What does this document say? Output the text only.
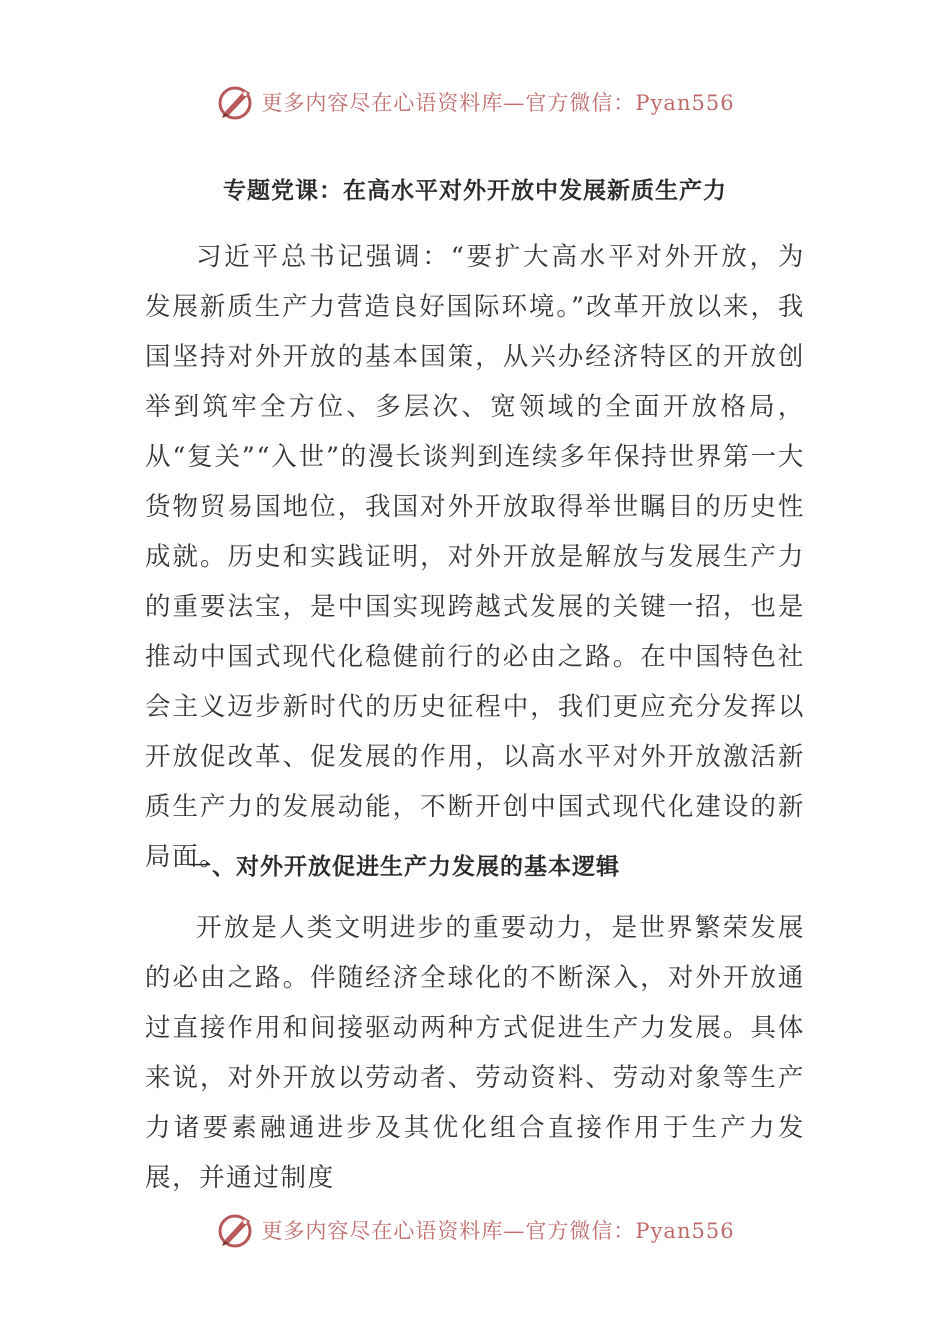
更多内容尽在心语资料库—官方微信：Pyan556
专题党课：在高水平对外开放中发展新质生产力

习近平总书记强调：“要扩大高水平对外开放，为发展新质生产力营造良好国际环境。”改革开放以来，我国坚持对外开放的基本国策，从兴办经济特区的开放创举到筑牢全方位、多层次、宽领域的全面开放格局，从“复关”“入世”的漫长谈判到连续多年保持世界第一大货物贸易国地位，我国对外开放取得举世瞩目的历史性成就。历史和实践证明，对外开放是解放与发展生产力的重要法宝，是中国实现跨越式发展的关键一招，也是推动中国式现代化稳健前行的必由之路。在中国特色社会主义迈步新时代的历史征程中，我们更应充分发挥以开放促改革、促发展的作用，以高水平对外开放激活新质生产力的发展动能，不断开创中国式现代化建设的新局面。

一、对外开放促进生产力发展的基本逻辑

开放是人类文明进步的重要动力，是世界繁荣发展的必由之路。伴随经济全球化的不断深入，对外开放通过直接作用和间接驱动两种方式促进生产力发展。具体来说，对外开放以劳动者、劳动资料、劳动对象等生产力诸要素融通进步及其优化组合直接作用于生产力发展，并通过制度

更多内容尽在心语资料库—官方微信：Pyan556
